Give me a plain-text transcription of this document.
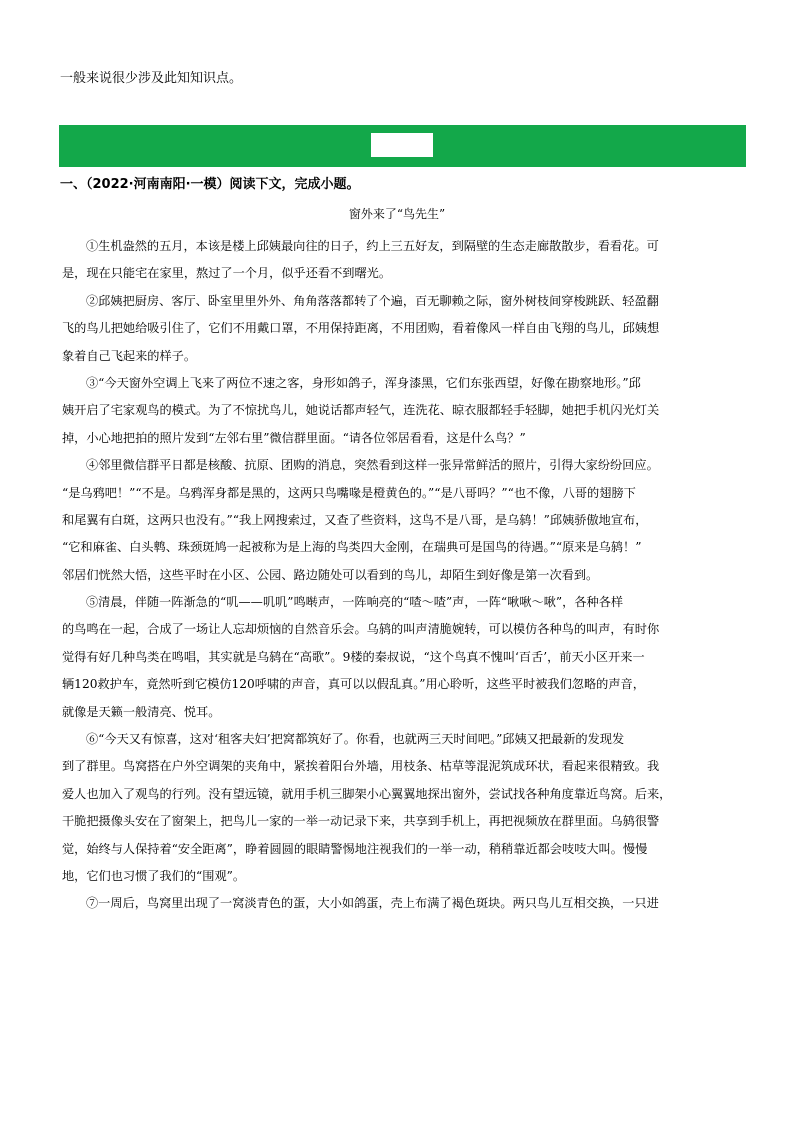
一般来说很少涉及此知知识点。
一、（2022·河南南阳·一模）阅读下文，完成小题。
窗外来了“鸟先生”
①生机盎然的五月，本该是楼上邱姨最向往的日子，约上三五好友，到隔壁的生态走廊散散步，看看花。可
是，现在只能宅在家里，熬过了一个月，似乎还看不到曙光。
②邱姨把厨房、客厅、卧室里里外外、角角落落都转了个遍，百无聊赖之际，窗外树枝间穿梭跳跃、轻盈翻
飞的鸟儿把她给吸引住了，它们不用戴口罩，不用保持距离，不用团购，看着像风一样自由飞翔的鸟儿，邱姨想
象着自己飞起来的样子。
③“今天窗外空调上飞来了两位不速之客，身形如鸽子，浑身漆黑，它们东张西望，好像在勘察地形。”邱
姨开启了宅家观鸟的模式。为了不惊扰鸟儿，她说话都声轻气，连洗花、晾衣服都轻手轻脚，她把手机闪光灯关
掉，小心地把拍的照片发到“左邻右里”微信群里面。“请各位邻居看看，这是什么鸟？”
④邻里微信群平日都是核酸、抗原、团购的消息，突然看到这样一张异常鲜活的照片，引得大家纷纷回应。
“是乌鸦吧！”“不是。乌鸦浑身都是黑的，这两只鸟嘴喙是橙黄色的。”“是八哥吗？”“也不像，八哥的翅膀下
和尾翼有白斑，这两只也没有。”“我上网搜索过，又查了些资料，这鸟不是八哥，是乌鸫！”邱姨骄傲地宣布，
“它和麻雀、白头鹎、珠颈斑鸠一起被称为是上海的鸟类四大金刚，在瑞典可是国鸟的待遇。”“原来是乌鸫！”
邻居们恍然大悟，这些平时在小区、公园、路边随处可以看到的鸟儿，却陌生到好像是第一次看到。
⑤清晨，伴随一阵渐急的“叽——叽叽”鸣啭声，一阵响亮的“喳～喳”声，一阵“啾啾～啾”，各种各样
的鸟鸣在一起，合成了一场让人忘却烦恼的自然音乐会。乌鸫的叫声清脆婉转，可以模仿各种鸟的叫声，有时你
觉得有好几种鸟类在鸣唱，其实就是乌鸫在“高歌”。9楼的秦叔说，“这个鸟真不愧叫‘百舌’，前天小区开来一
辆120救护车，竟然听到它模仿120呼啸的声音，真可以以假乱真。”用心聆听，这些平时被我们忽略的声音，
就像是天籁一般清亮、悦耳。
⑥“今天又有惊喜，这对‘租客夫妇’把窝都筑好了。你看，也就两三天时间吧。”邱姨又把最新的发现发
到了群里。鸟窝搭在户外空调架的夹角中，紧挨着阳台外墙，用枝条、枯草等混泥筑成环状，看起来很精致。我
爱人也加入了观鸟的行列。没有望远镜，就用手机三脚架小心翼翼地探出窗外，尝试找各种角度靠近鸟窝。后来，
干脆把摄像头安在了窗架上，把鸟儿一家的一举一动记录下来，共享到手机上，再把视频放在群里面。乌鸫很警
觉，始终与人保持着“安全距离”，睁着圆圆的眼睛警惕地注视我们的一举一动，稍稍靠近都会吱吱大叫。慢慢
地，它们也习惯了我们的“围观”。
⑦一周后，鸟窝里出现了一窝淡青色的蛋，大小如鸽蛋，壳上布满了褐色斑块。两只鸟儿互相交换，一只进
